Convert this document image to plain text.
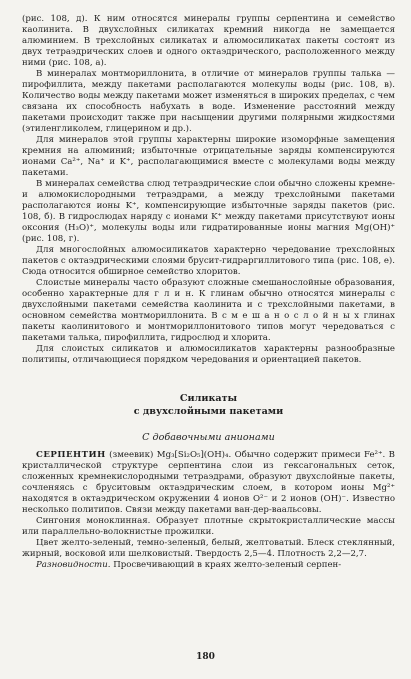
(рис. 108, д). К ним относятся минералы группы серпентина и семейство каолинита. В двухслойных силикатах кремний никогда не замещается алюминием. В трехслойных силикатах и алюмосиликатах пакеты состоят из двух тетраэдрических слоев и одного октаэдрического, расположенного между ними (рис. 108, а).

В минералах монтмориллонита, в отличие от минералов группы талька — пирофиллита, между пакетами располагаются молекулы воды (рис. 108, в). Количество воды между пакетами может изменяться в широких пределах, с чем связана их способность набухать в воде. Изменение расстояний между пакетами происходит также при насыщении другими полярными жидкостями (этиленгликолем, глицерином и др.).

Для минералов этой группы характерны широкие изоморфные замещения кремния на алюминий; избыточные отрицательные заряды компенсируются ионами Ca²⁺, Na⁺ и K⁺, располагающимися вместе с молекулами воды между пакетами.

В минералах семейства слюд тетраэдрические слои обычно сложены кремне- и алюмокислородными тетраэдрами, а между трехслойными пакетами располагаются ионы K⁺, компенсирующие избыточные заряды пакетов (рис. 108, б). В гидрослюдах наряду с ионами K⁺ между пакетами присутствуют ионы оксония (H₃O)⁺, молекулы воды или гидратированные ионы магния Mg(OH)⁺ (рис. 108, г).

Для многослойных алюмосиликатов характерно чередование трехслойных пакетов с октаэдрическими слоями брусит-гидраргиллитового типа (рис. 108, е). Сюда относится обширное семейство хлоритов.

Слоистые минералы часто образуют сложные смешанослойные образования, особенно характерные для г л и н. К глинам обычно относятся минералы с двухслойными пакетами семейства каолинита и с трехслойными пакетами, в основном семейства монтмориллонита. В с м е ш а н о с л о й н ы х глинах пакеты каолинитового и монтмориллонитового типов могут чередоваться с пакетами талька, пирофиллита, гидрослюд и хлорита.

Для слоистых силикатов и алюмосиликатов характерны разнообразные политипы, отличающиеся порядком чередования и ориентацией пакетов.

Силикаты

с двухслойными пакетами

С добавочными анионами

СЕРПЕНТИН (змеевик) Mg₃[Si₂O₅](OH)₄. Обычно содержит примеси Fe²⁺. В кристаллической структуре серпентина слои из гексагональных сеток, сложенных кремнекислородными тетраэдрами, образуют двухслойные пакеты, сочленяясь с бруситовым октаэдрическим слоем, в котором ионы Mg²⁺ находятся в октаэдрическом окружении 4 ионов O²⁻ и 2 ионов (OH)⁻. Известно несколько политипов. Связи между пакетами ван-дер-ваальсовы.

Сингония моноклинная. Образует плотные скрытокристаллические массы или параллельно-волокнистые прожилки.

Цвет желто-зеленый, темно-зеленый, белый, желтоватый. Блеск стеклянный, жирный, восковой или шелковистый. Твердость 2,5—4. Плотность 2,2—2,7.

Разновидности. Просвечивающий в краях желто-зеленый серпен-

180
